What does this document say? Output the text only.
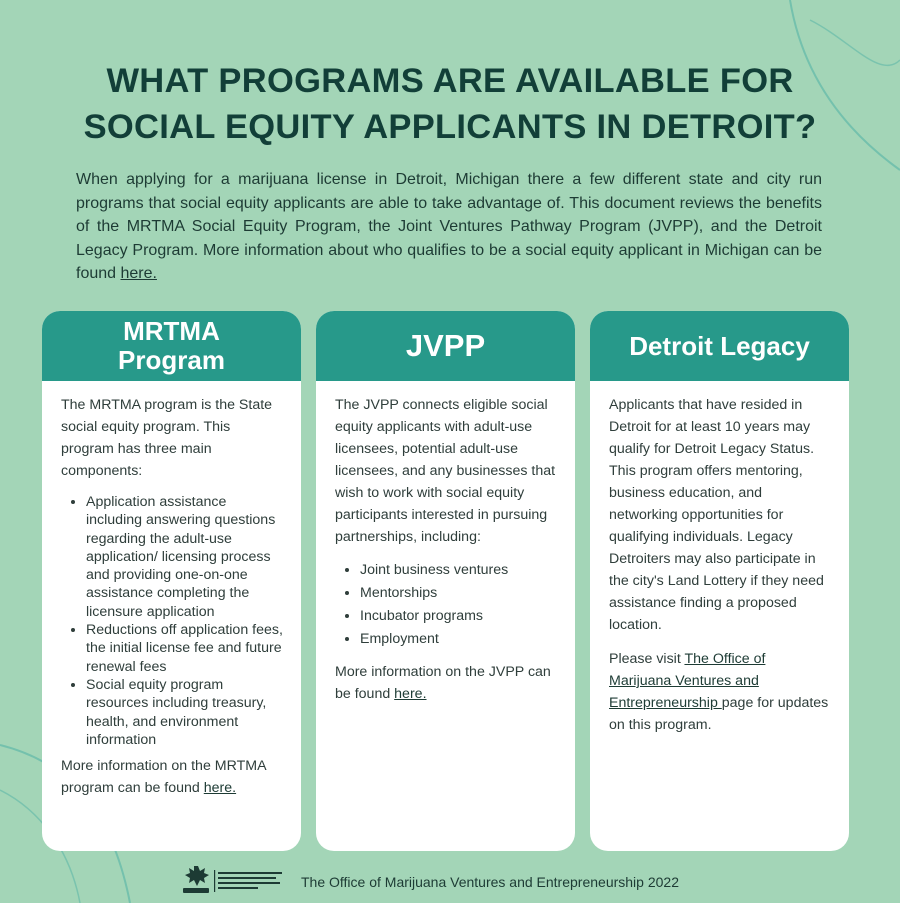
WHAT PROGRAMS ARE AVAILABLE FOR
SOCIAL EQUITY APPLICANTS IN DETROIT?

When applying for a marijuana license in Detroit, Michigan there a few different state and city run programs that social equity applicants are able to take advantage of. This document reviews the benefits of the MRTMA Social Equity Program, the Joint Ventures Pathway Program (JVPP), and the Detroit Legacy Program. More information about who qualifies to be a social equity applicant in Michigan can be found here.

MRTMA
Program

The MRTMA program is the State social equity program. This program has three main components:

• Application assistance including answering questions regarding the adult-use application/ licensing process and providing one-on-one assistance completing the licensure application
• Reductions off application fees, the initial license fee and future renewal fees
• Social equity program resources including treasury, health, and environment information

More information on the MRTMA program can be found here.

JVPP

The JVPP connects eligible social equity applicants with adult-use licensees, potential adult-use licensees, and any businesses that wish to work with social equity participants interested in pursuing partnerships, including:

• Joint business ventures
• Mentorships
• Incubator programs
• Employment

More information on the JVPP can be found here.

Detroit Legacy

Applicants that have resided in Detroit for at least 10 years may qualify for Detroit Legacy Status. This program offers mentoring, business education, and networking opportunities for qualifying individuals. Legacy Detroiters may also participate in the city's Land Lottery if they need assistance finding a proposed location.

Please visit The Office of Marijuana Ventures and Entrepreneurship page for updates on this program.

The Office of Marijuana Ventures and Entrepreneurship 2022
